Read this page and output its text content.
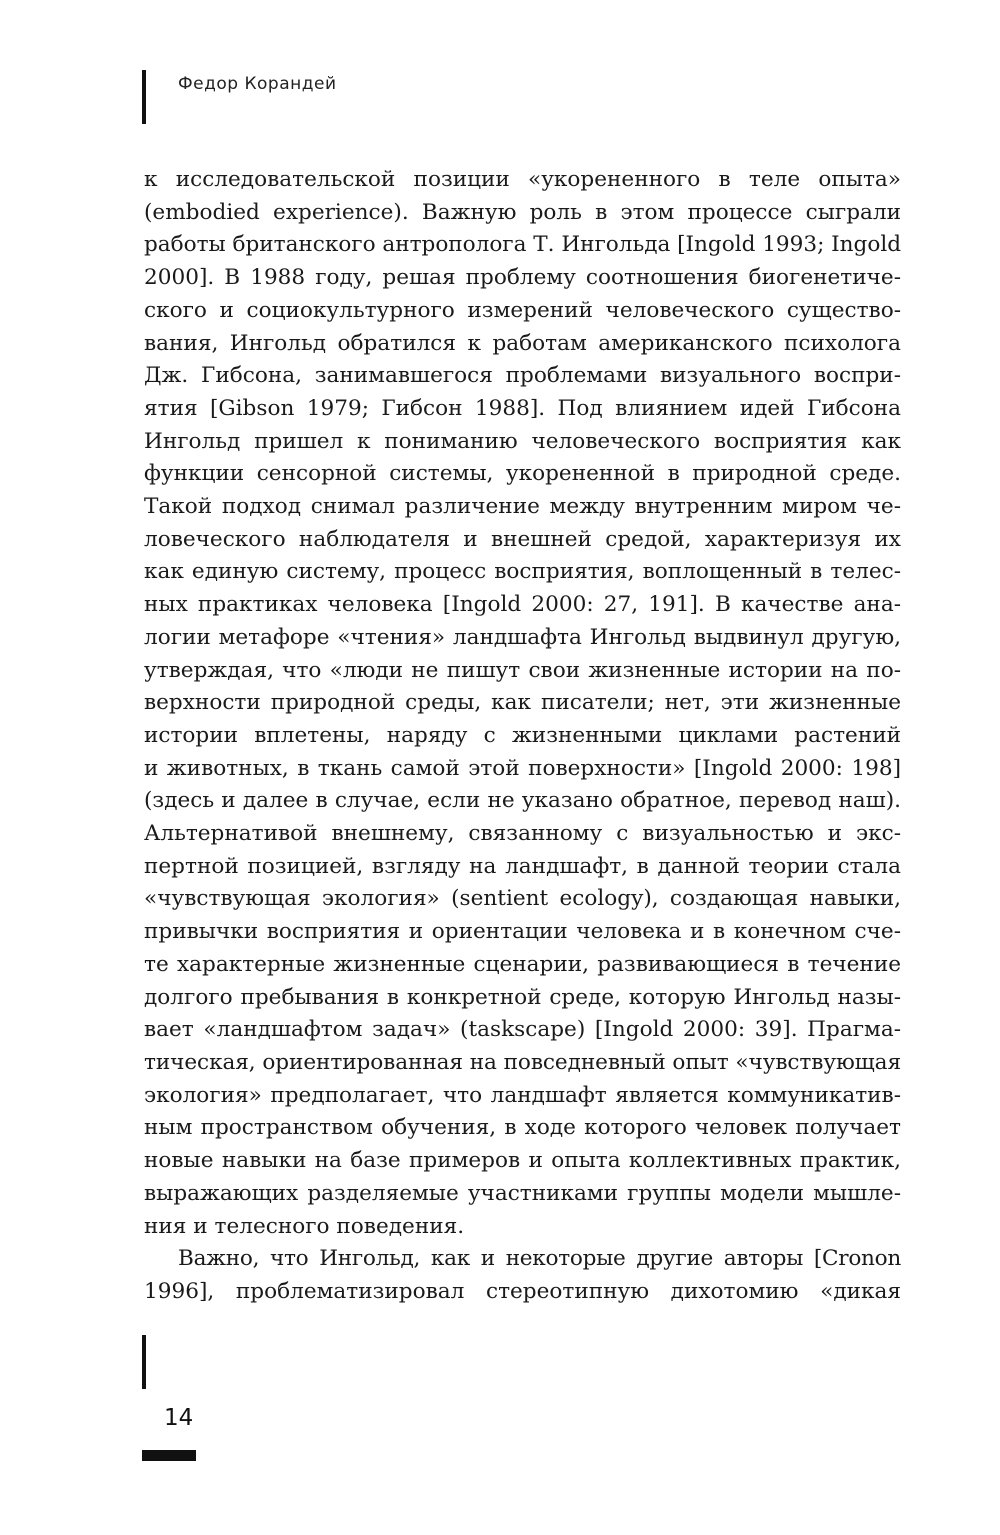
Федор Корандей
к исследовательской позиции «укорененного в теле опыта»
(embodied experience). Важную роль в этом процессе сыграли
работы британского антрополога Т. Ингольда [Ingold 1993; Ingold
2000]. В 1988 году, решая проблему соотношения биогенетиче-
ского и социокультурного измерений человеческого существо-
вания, Ингольд обратился к работам американского психолога
Дж. Гибсона, занимавшегося проблемами визуального воспри-
ятия [Gibson 1979; Гибсон 1988]. Под влиянием идей Гибсона
Ингольд пришел к пониманию человеческого восприятия как
функции сенсорной системы, укорененной в природной среде.
Такой подход снимал различение между внутренним миром че-
ловеческого наблюдателя и внешней средой, характеризуя их
как единую систему, процесс восприятия, воплощенный в телес-
ных практиках человека [Ingold 2000: 27, 191]. В качестве ана-
логии метафоре «чтения» ландшафта Ингольд выдвинул другую,
утверждая, что «люди не пишут свои жизненные истории на по-
верхности природной среды, как писатели; нет, эти жизненные
истории вплетены, наряду с жизненными циклами растений
и животных, в ткань самой этой поверхности» [Ingold 2000: 198]
(здесь и далее в случае, если не указано обратное, перевод наш).
Альтернативой внешнему, связанному с визуальностью и экс-
пертной позицией, взгляду на ландшафт, в данной теории стала
«чувствующая экология» (sentient ecology), создающая навыки,
привычки восприятия и ориентации человека и в конечном сче-
те характерные жизненные сценарии, развивающиеся в течение
долгого пребывания в конкретной среде, которую Ингольд назы-
вает «ландшафтом задач» (taskscape) [Ingold 2000: 39]. Прагма-
тическая, ориентированная на повседневный опыт «чувствующая
экология» предполагает, что ландшафт является коммуникатив-
ным пространством обучения, в ходе которого человек получает
новые навыки на базе примеров и опыта коллективных практик,
выражающих разделяемые участниками группы модели мышле-
ния и телесного поведения.
Важно, что Ингольд, как и некоторые другие авторы [Cronon
1996], проблематизировал стереотипную дихотомию «дикая
14
